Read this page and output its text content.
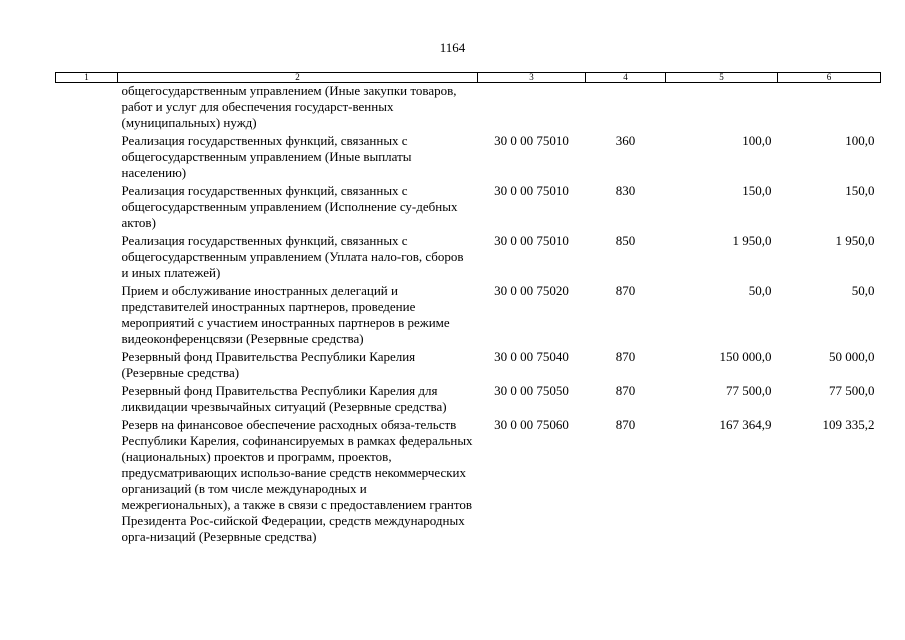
1164
1	2	3	4	5	6
	общегосударственным управлением (Иные закупки товаров, работ и услуг для обеспечения государст-венных (муниципальных) нужд)				
	Реализация государственных функций, связанных с общегосударственным управлением (Иные выплаты населению)	30 0 00 75010	360	100,0	100,0
	Реализация государственных функций, связанных с общегосударственным управлением (Исполнение су-дебных актов)	30 0 00 75010	830	150,0	150,0
	Реализация государственных функций, связанных с общегосударственным управлением (Уплата нало-гов, сборов и иных платежей)	30 0 00 75010	850	1 950,0	1 950,0
	Прием и обслуживание иностранных делегаций и представителей иностранных партнеров, проведение мероприятий с участием иностранных партнеров в режиме видеоконференцсвязи (Резервные средства)	30 0 00 75020	870	50,0	50,0
	Резервный фонд Правительства Республики Карелия (Резервные средства)	30 0 00 75040	870	150 000,0	50 000,0
	Резервный фонд Правительства Республики Карелия для ликвидации чрезвычайных ситуаций (Резервные средства)	30 0 00 75050	870	77 500,0	77 500,0
	Резерв на финансовое обеспечение расходных обяза-тельств Республики Карелия, софинансируемых в рамках федеральных (национальных) проектов и программ, проектов, предусматривающих использо-вание средств некоммерческих организаций (в том числе международных и межрегиональных), а также в связи с предоставлением грантов Президента Рос-сийской Федерации, средств международных орга-низаций (Резервные средства)	30 0 00 75060	870	167 364,9	109 335,2
